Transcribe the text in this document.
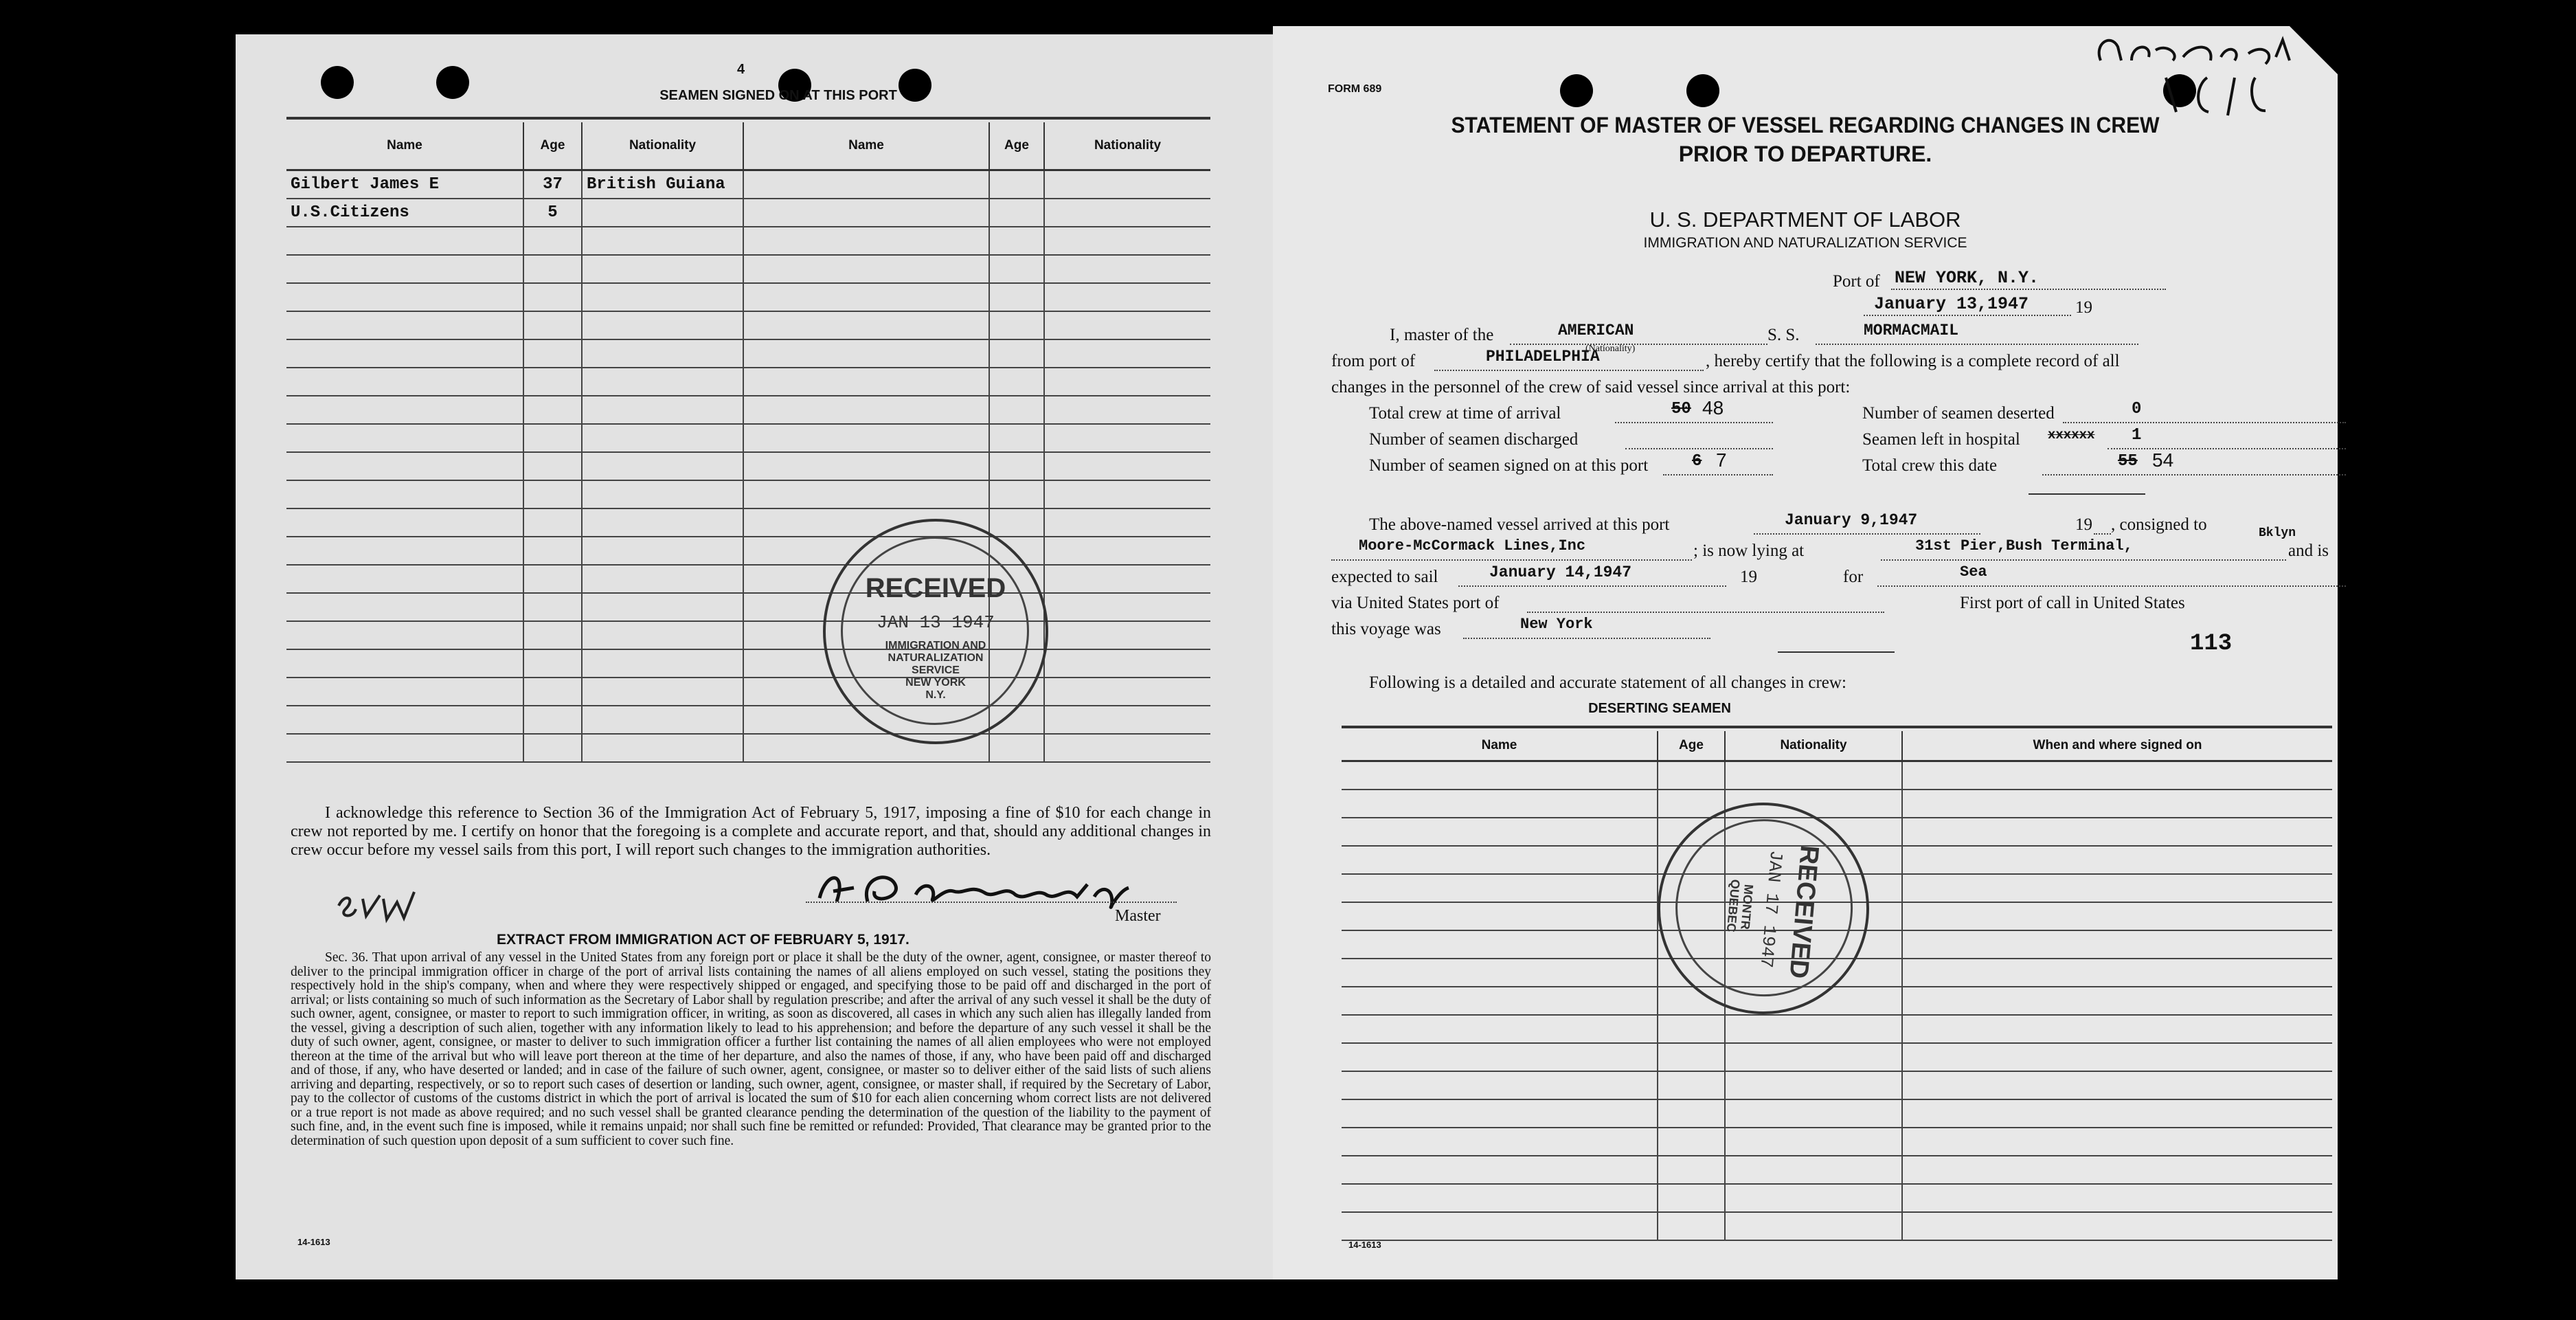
4
SEAMEN SIGNED ON AT THIS PORT
Name	Age	Nationality	Name	Age	Nationality
Gilbert James E	37	British Guiana			
U.S.Citizens	5				

I acknowledge this reference to Section 36 of the Immigration Act of February 5, 1917, imposing a fine of $10 for each change in crew not reported by me. I certify on honor that the foregoing is a complete and accurate report, and that, should any additional changes in crew occur before my vessel sails from this port, I will report such changes to the immigration authorities.
Master
EXTRACT FROM IMMIGRATION ACT OF FEBRUARY 5, 1917.
Sec. 36. That upon arrival of any vessel in the United States from any foreign port or place it shall be the duty of the owner, agent, consignee, or master thereof to deliver to the principal immigration officer in charge of the port of arrival lists containing the names of all aliens employed on such vessel, stating the positions they respectively hold in the ship's company, when and where they were respectively shipped or engaged, and specifying those to be paid off and discharged in the port of arrival; or lists containing so much of such information as the Secretary of Labor shall by regulation prescribe; and after the arrival of any such vessel it shall be the duty of such owner, agent, consignee, or master to report to such immigration officer, in writing, as soon as discovered, all cases in which any such alien has illegally landed from the vessel, giving a description of such alien, together with any information likely to lead to his apprehension; and before the departure of any such vessel it shall be the duty of such owner, agent, consignee, or master to deliver to such immigration officer a further list containing the names of all alien employees who were not employed thereon at the time of the arrival but who will leave port thereon at the time of her departure, and also the names of those, if any, who have been paid off and discharged and of those, if any, who have deserted or landed; and in case of the failure of such owner, agent, consignee, or master so to deliver either of the said lists of such aliens arriving and departing, respectively, or so to report such cases of desertion or landing, such owner, agent, consignee, or master shall, if required by the Secretary of Labor, pay to the collector of customs of the customs district in which the port of arrival is located the sum of $10 for each alien concerning whom correct lists are not delivered or a true report is not made as above required; and no such vessel shall be granted clearance pending the determination of the question of the liability to the payment of such fine, and, in the event such fine is imposed, while it remains unpaid; nor shall such fine be remitted or refunded: Provided, That clearance may be granted prior to the determination of such question upon deposit of a sum sufficient to cover such fine.
14-1613
RECEIVED
JAN 13 1947
IMMIGRATION AND
NATURALIZATION
SERVICE
NEW YORK
N.Y.
FORM 689
STATEMENT OF MASTER OF VESSEL REGARDING CHANGES IN CREW
PRIOR TO DEPARTURE.
U. S. DEPARTMENT OF LABOR
IMMIGRATION AND NATURALIZATION SERVICE
Port of NEW YORK, N.Y.
January 13,1947	19
I, master of the	AMERICAN
(Nationality)
S. S.	MORMACMAIL
from port of	PHILADELPHIA	, hereby certify that the following is a complete record of all
changes in the personnel of the crew of said vessel since arrival at this port:
Total crew at time of arrival	50 48	Number of seamen deserted	0
Number of seamen discharged	Seamen left in hospital xxxxxx 1
Number of seamen signed on at this port	6 7	Total crew this date	55 54
The above-named vessel arrived at this port	January 9,1947	19 , consigned to
Moore-McCormack Lines,Inc	; is now lying at	31st Pier,Bush Terminal,
Bklyn
and is
expected to sail	January 14,1947	19	for	Sea
via United States port of	First port of call in United States
this voyage was	New York
113
Following is a detailed and accurate statement of all changes in crew:
DESERTING SEAMEN
Name	Age	Nationality	When and where signed on

14-1613
RECEIVED
JAN 17 1947
MONTR
QUEBEC
